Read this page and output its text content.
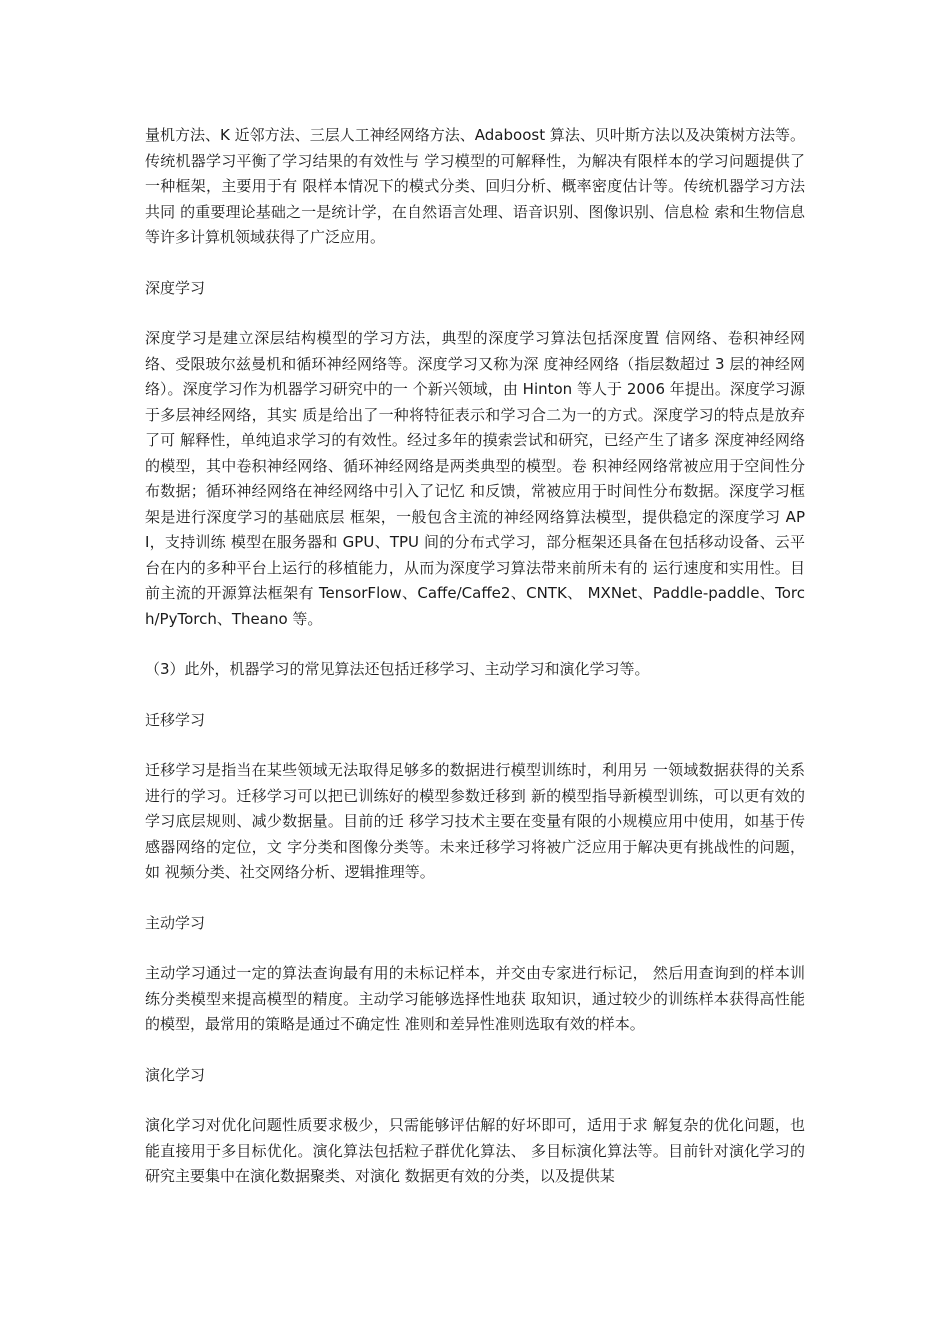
量机方法、K 近邻方法、三层人工神经网络方法、Adaboost 算法、贝叶斯方法以及决策树方法等。传统机器学习平衡了学习结果的有效性与 学习模型的可解释性，为解决有限样本的学习问题提供了一种框架，主要用于有 限样本情况下的模式分类、回归分析、概率密度估计等。传统机器学习方法共同 的重要理论基础之一是统计学，在自然语言处理、语音识别、图像识别、信息检 索和生物信息等许多计算机领域获得了广泛应用。

深度学习

深度学习是建立深层结构模型的学习方法，典型的深度学习算法包括深度置 信网络、卷积神经网络、受限玻尔兹曼机和循环神经网络等。深度学习又称为深 度神经网络（指层数超过 3 层的神经网络）。深度学习作为机器学习研究中的一 个新兴领域，由 Hinton 等人于 2006 年提出。深度学习源于多层神经网络，其实 质是给出了一种将特征表示和学习合二为一的方式。深度学习的特点是放弃了可 解释性，单纯追求学习的有效性。经过多年的摸索尝试和研究，已经产生了诸多 深度神经网络的模型，其中卷积神经网络、循环神经网络是两类典型的模型。卷 积神经网络常被应用于空间性分布数据；循环神经网络在神经网络中引入了记忆 和反馈，常被应用于时间性分布数据。深度学习框架是进行深度学习的基础底层 框架，一般包含主流的神经网络算法模型，提供稳定的深度学习 API，支持训练 模型在服务器和 GPU、TPU 间的分布式学习，部分框架还具备在包括移动设备、云平台在内的多种平台上运行的移植能力，从而为深度学习算法带来前所未有的 运行速度和实用性。目前主流的开源算法框架有 TensorFlow、Caffe/Caffe2、CNTK、 MXNet、Paddle-paddle、Torch/PyTorch、Theano 等。

（3）此外，机器学习的常见算法还包括迁移学习、主动学习和演化学习等。

迁移学习

迁移学习是指当在某些领域无法取得足够多的数据进行模型训练时，利用另 一领域数据获得的关系进行的学习。迁移学习可以把已训练好的模型参数迁移到 新的模型指导新模型训练，可以更有效的学习底层规则、减少数据量。目前的迁 移学习技术主要在变量有限的小规模应用中使用，如基于传感器网络的定位，文 字分类和图像分类等。未来迁移学习将被广泛应用于解决更有挑战性的问题，如 视频分类、社交网络分析、逻辑推理等。

主动学习

主动学习通过一定的算法查询最有用的未标记样本，并交由专家进行标记， 然后用查询到的样本训练分类模型来提高模型的精度。主动学习能够选择性地获 取知识，通过较少的训练样本获得高性能的模型，最常用的策略是通过不确定性 准则和差异性准则选取有效的样本。

演化学习

演化学习对优化问题性质要求极少，只需能够评估解的好坏即可，适用于求 解复杂的优化问题，也能直接用于多目标优化。演化算法包括粒子群优化算法、 多目标演化算法等。目前针对演化学习的研究主要集中在演化数据聚类、对演化 数据更有效的分类，以及提供某
